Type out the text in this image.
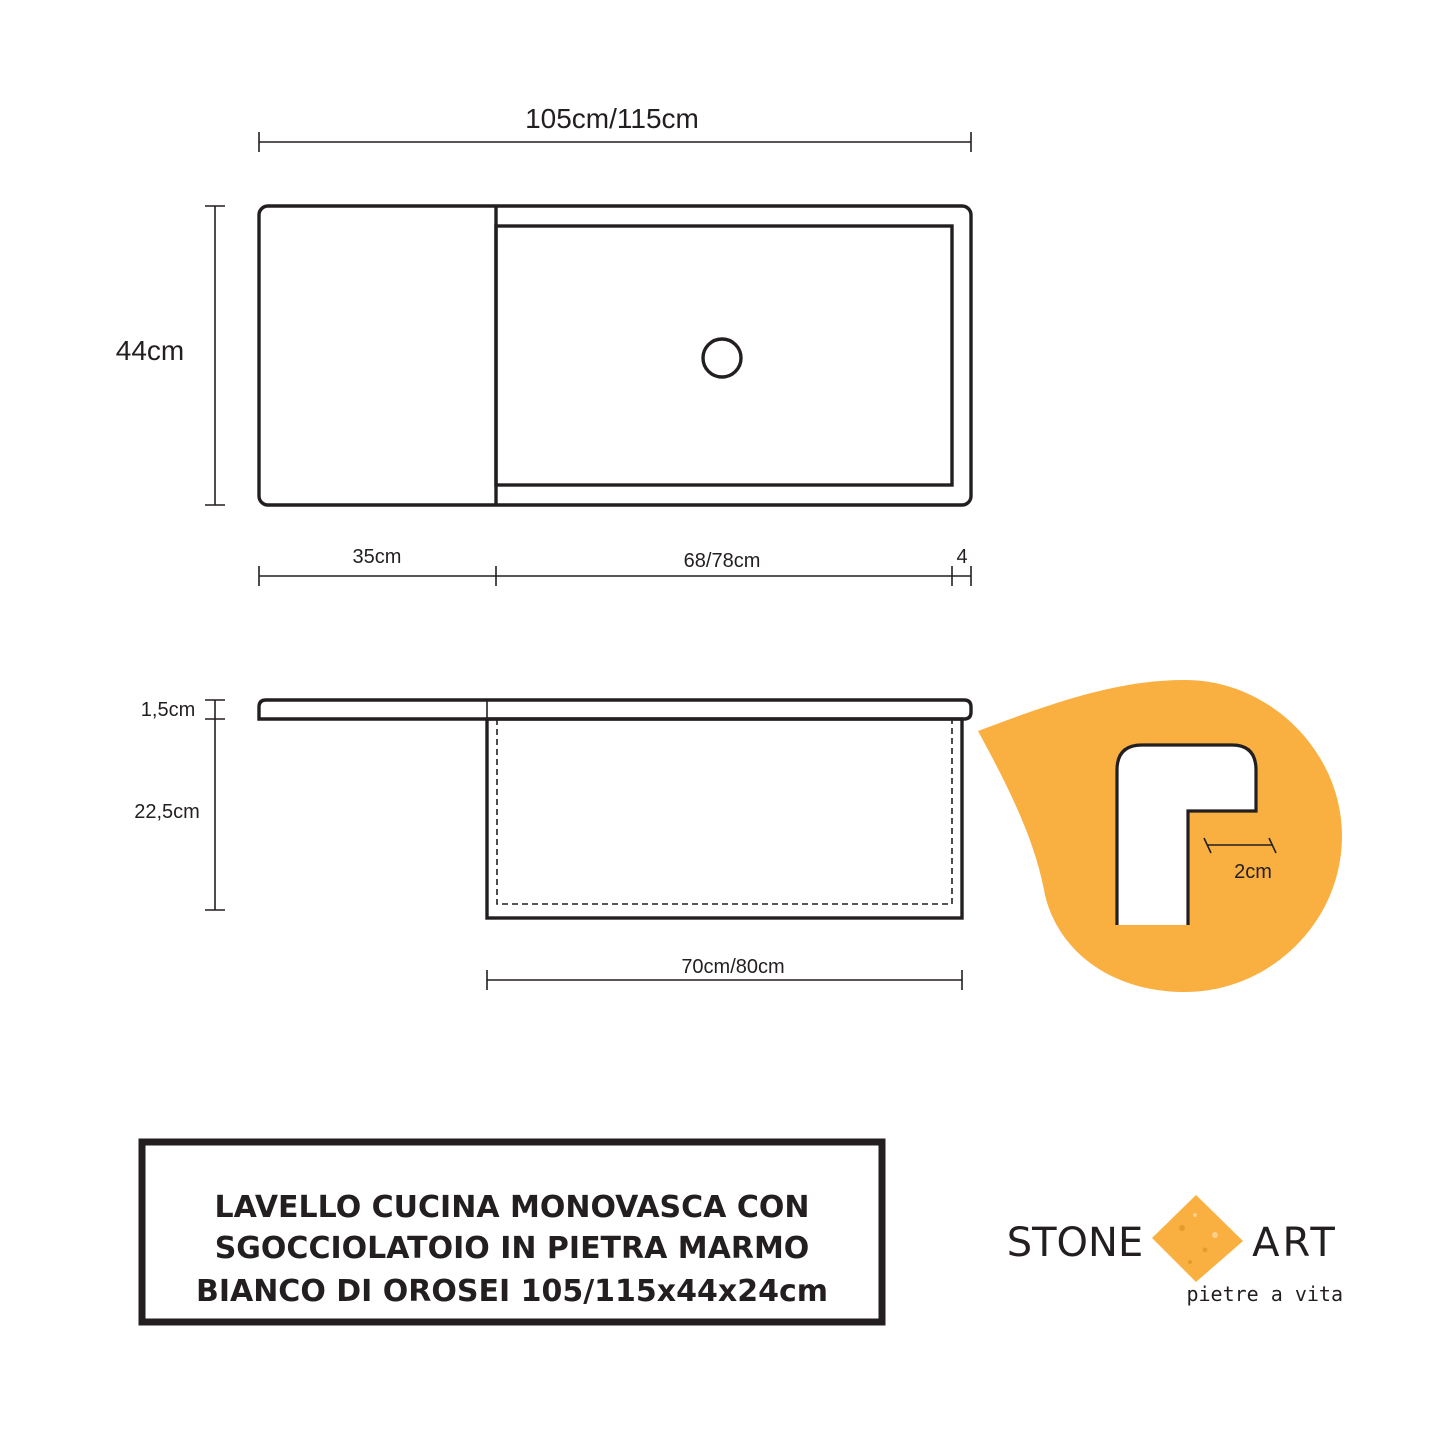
105cm/115cm
44cm
35cm	68/78cm	4
1,5cm
22,5cm
70cm/80cm
2cm
LAVELLO CUCINA MONOVASCA CON
SGOCCIOLATOIO IN PIETRA MARMO
BIANCO DI OROSEI 105/115x44x24cm
STONE	ART
pietre a vita
